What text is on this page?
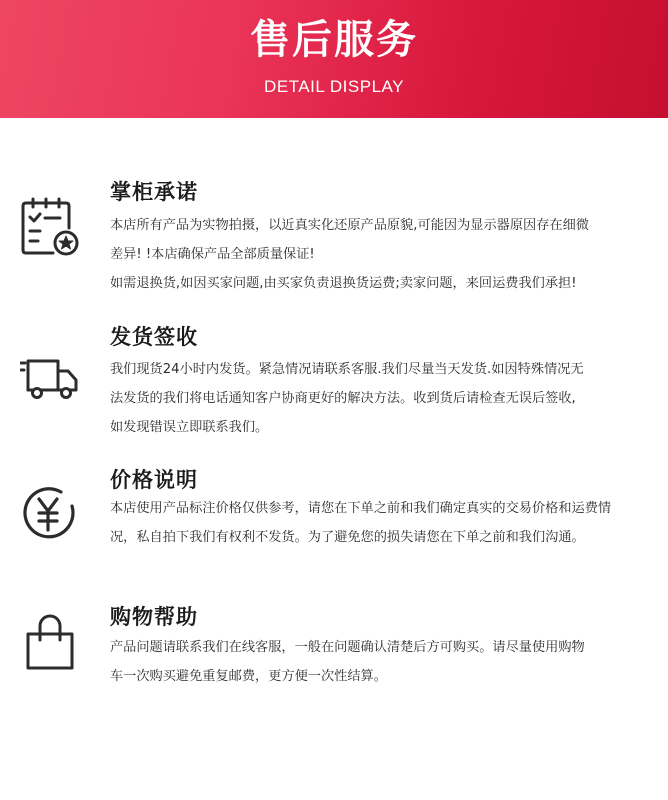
售后服务
DETAIL DISPLAY
掌柜承诺
本店所有产品为实物拍摄，以近真实化还原产品原貌,可能因为显示器原因存在细微
差异! !本店确保产品全部质量保证!
如需退换货,如因买家问题,由买家负责退换货运费;卖家问题，来回运费我们承担!
发货签收
我们现货24小时内发货。紧急情况请联系客服.我们尽量当天发货.如因特殊情况无
法发货的我们将电话通知客户协商更好的解决方法。收到货后请检查无误后签收,
如发现错误立即联系我们。
价格说明
本店使用产品标注价格仅供参考，请您在下单之前和我们确定真实的交易价格和运费情
况，私自拍下我们有权利不发货。为了避免您的损失请您在下单之前和我们沟通。
购物帮助
产品问题请联系我们在线客服，一般在问题确认清楚后方可购买。请尽量使用购物
车一次购买避免重复邮费，更方便一次性结算。
